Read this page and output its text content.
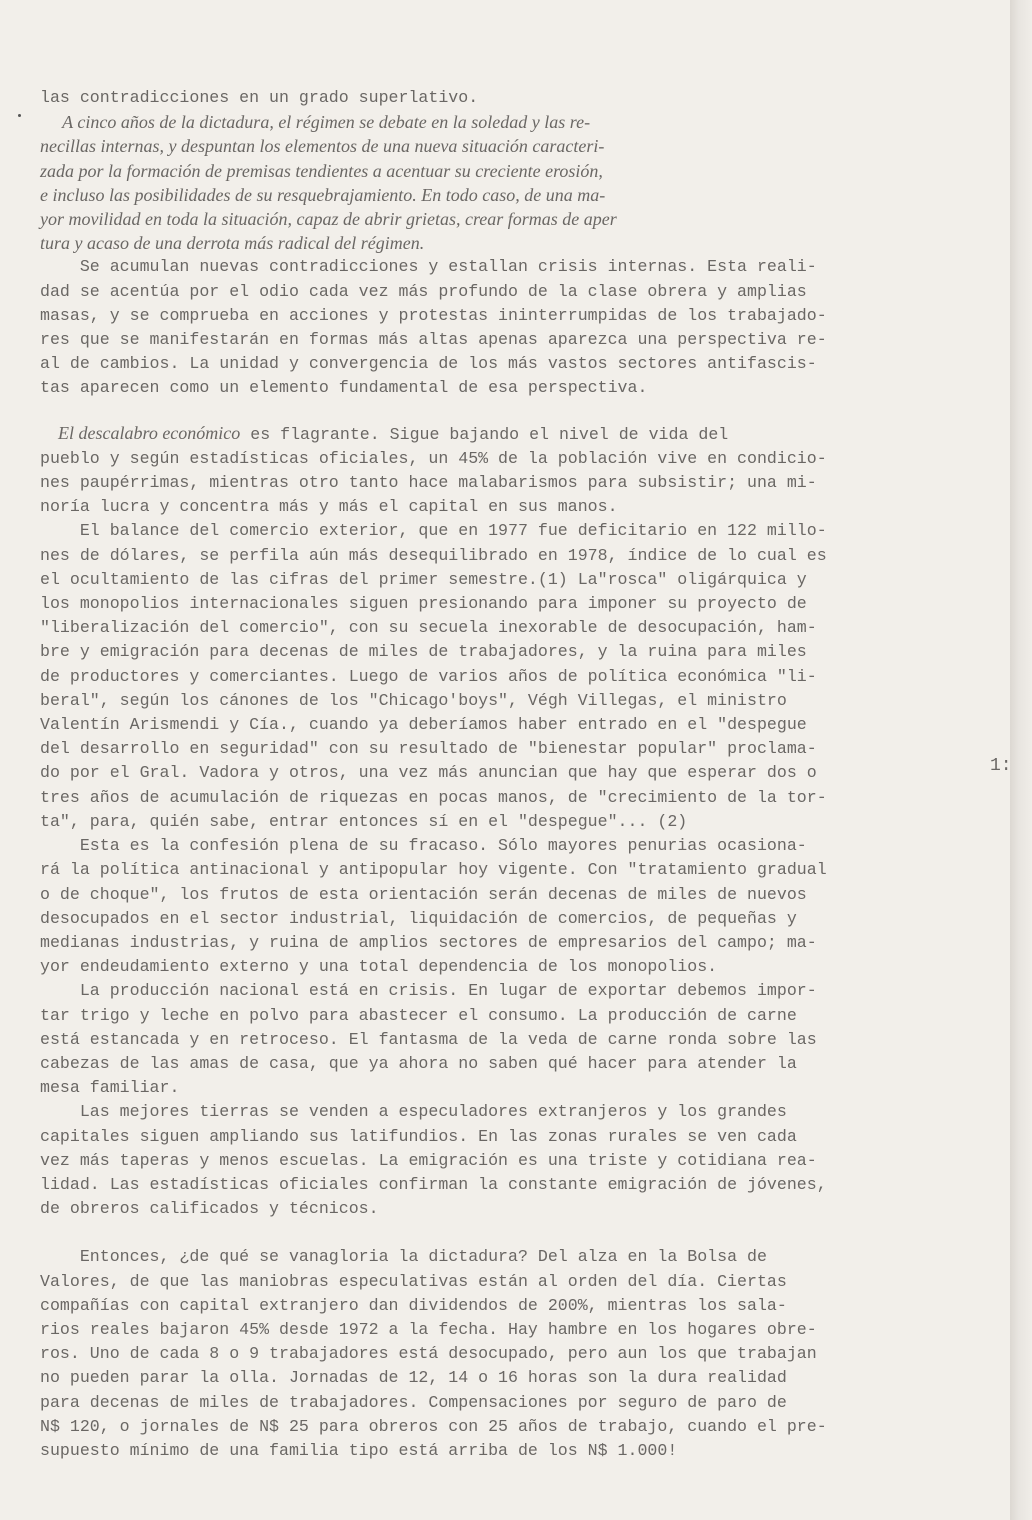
las contradicciones en un grado superlativo.
A cinco años de la dictadura, el régimen se debate en la soledad y las re-
necillas internas, y despuntan los elementos de una nueva situación caracteri-
zada por la formación de premisas tendientes a acentuar su creciente erosión,
e incluso las posibilidades de su resquebrajamiento. En todo caso, de una ma-
yor movilidad en toda la situación, capaz de abrir grietas, crear formas de aper
tura y acaso de una derrota más radical del régimen.
Se acumulan nuevas contradicciones y estallan crisis internas. Esta reali-
dad se acentúa por el odio cada vez más profundo de la clase obrera y amplias
masas, y se comprueba en acciones y protestas ininterrumpidas de los trabajado-
res que se manifestarán en formas más altas apenas aparezca una perspectiva re-
al de cambios. La unidad y convergencia de los más vastos sectores antifascis-
tas aparecen como un elemento fundamental de esa perspectiva.
El descalabro económico es flagrante. Sigue bajando el nivel de vida del
pueblo y según estadísticas oficiales, un 45% de la población vive en condicio-
nes paupérrimas, mientras otro tanto hace malabarismos para subsistir; una mi-
noría lucra y concentra más y más el capital en sus manos.
El balance del comercio exterior, que en 1977 fue deficitario en 122 millo-
nes de dólares, se perfila aún más desequilibrado en 1978, índice de lo cual es
el ocultamiento de las cifras del primer semestre.(1) La"rosca" oligárquica y
los monopolios internacionales siguen presionando para imponer su proyecto de
"liberalización del comercio", con su secuela inexorable de desocupación, ham-
bre y emigración para decenas de miles de trabajadores, y la ruina para miles
de productores y comerciantes. Luego de varios años de política económica "li-
beral", según los cánones de los "Chicago'boys", Végh Villegas, el ministro
Valentín Arismendi y Cía., cuando ya deberíamos haber entrado en el "despegue
del desarrollo en seguridad" con su resultado de "bienestar popular" proclama-
do por el Gral. Vadora y otros, una vez más anuncian que hay que esperar dos o
tres años de acumulación de riquezas en pocas manos, de "crecimiento de la tor-
ta", para, quién sabe, entrar entonces sí en el "despegue"... (2)
Esta es la confesión plena de su fracaso. Sólo mayores penurias ocasiona-
rá la política antinacional y antipopular hoy vigente. Con "tratamiento gradual
o de choque", los frutos de esta orientación serán decenas de miles de nuevos
desocupados en el sector industrial, liquidación de comercios, de pequeñas y
medianas industrias, y ruina de amplios sectores de empresarios del campo; ma-
yor endeudamiento externo y una total dependencia de los monopolios.
La producción nacional está en crisis. En lugar de exportar debemos impor-
tar trigo y leche en polvo para abastecer el consumo. La producción de carne
está estancada y en retroceso. El fantasma de la veda de carne ronda sobre las
cabezas de las amas de casa, que ya ahora no saben qué hacer para atender la
mesa familiar.
Las mejores tierras se venden a especuladores extranjeros y los grandes
capitales siguen ampliando sus latifundios. En las zonas rurales se ven cada
vez más taperas y menos escuelas. La emigración es una triste y cotidiana rea-
lidad. Las estadísticas oficiales confirman la constante emigración de jóvenes,
de obreros calificados y técnicos.
Entonces, ¿de qué se vanagloria la dictadura? Del alza en la Bolsa de
Valores, de que las maniobras especulativas están al orden del día. Ciertas
compañías con capital extranjero dan dividendos de 200%, mientras los sala-
rios reales bajaron 45% desde 1972 a la fecha. Hay hambre en los hogares obre-
ros. Uno de cada 8 o 9 trabajadores está desocupado, pero aun los que trabajan
no pueden parar la olla. Jornadas de 12, 14 o 16 horas son la dura realidad
para decenas de miles de trabajadores. Compensaciones por seguro de paro de
N$ 120, o jornales de N$ 25 para obreros con 25 años de trabajo, cuando el pre-
supuesto mínimo de una familia tipo está arriba de los N$ 1.000!
1:
